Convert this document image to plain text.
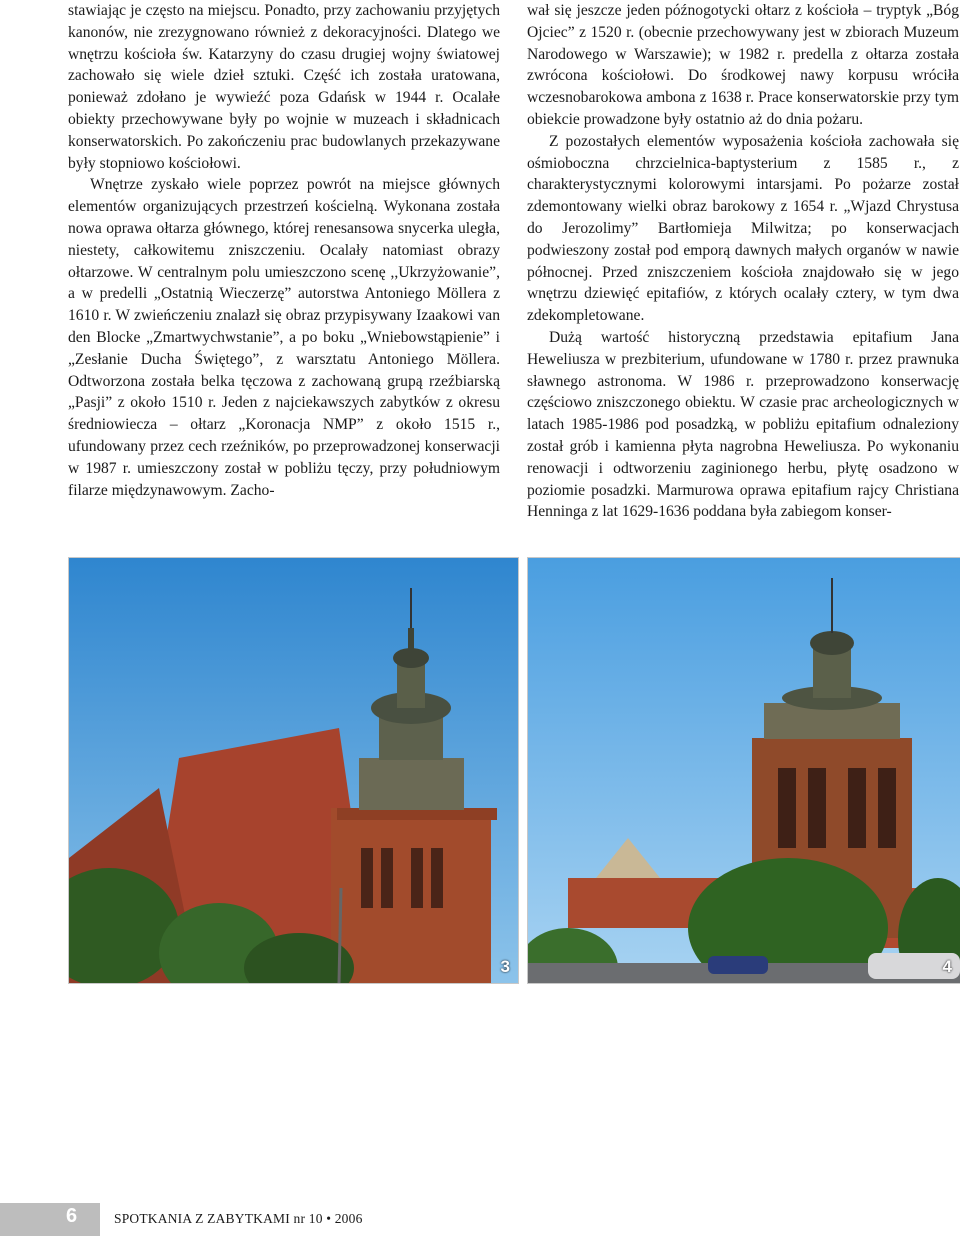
stawiając je często na miejscu. Ponadto, przy zachowaniu przyjętych kanonów, nie zrezygnowano również z dekoracyjności. Dlatego we wnętrzu kościoła św. Katarzyny do czasu drugiej wojny światowej zachowało się wiele dzieł sztuki. Część ich została uratowana, ponieważ zdołano je wywieźć poza Gdańsk w 1944 r. Ocalałe obiekty przechowywane były po wojnie w muzeach i składnicach konserwatorskich. Po zakończeniu prac budowlanych przekazywane były stopniowo kościołowi.

Wnętrze zyskało wiele poprzez powrót na miejsce głównych elementów organizujących przestrzeń kościelną. Wykonana została nowa oprawa ołtarza głównego, której renesansowa snycerka uległa, niestety, całkowitemu zniszczeniu. Ocalały natomiast obrazy ołtarzowe. W centralnym polu umieszczono scenę ,,Ukrzyżowanie”, a w predelli „Ostatnią Wieczerzę” autorstwa Antoniego Möllera z 1610 r. W zwieńczeniu znalazł się obraz przypisywany Izaakowi van den Blocke „Zmartwychwstanie”, a po boku „Wniebowstąpienie” i „Zesłanie Ducha Świętego”, z warsztatu Antoniego Möllera. Odtworzona została belka tęczowa z zachowaną grupą rzeźbiarską „Pasji” z około 1510 r. Jeden z najciekawszych zabytków z okresu średniowiecza – ołtarz „Koronacja NMP” z około 1515 r., ufundowany przez cech rzeźników, po przeprowadzonej konserwacji w 1987 r. umieszczony został w pobliżu tęczy, przy południowym filarze międzynawowym. Zacho-

wał się jeszcze jeden późnogotycki ołtarz z kościoła – tryptyk „Bóg Ojciec” z 1520 r. (obecnie przechowywany jest w zbiorach Muzeum Narodowego w Warszawie); w 1982 r. predella z ołtarza została zwrócona kościołowi. Do środkowej nawy korpusu wróciła wczesnobarokowa ambona z 1638 r. Prace konserwatorskie przy tym obiekcie prowadzone były ostatnio aż do dnia pożaru.

Z pozostałych elementów wyposażenia kościoła zachowała się ośmioboczna chrzcielnica-baptysterium z 1585 r., z charakterystycznymi kolorowymi intarsjami. Po pożarze został zdemontowany wielki obraz barokowy z 1654 r. „Wjazd Chrystusa do Jerozolimy” Bartłomieja Milwitza; po konserwacjach podwieszony został pod emporą dawnych małych organów w nawie północnej. Przed zniszczeniem kościoła znajdowało się w jego wnętrzu dziewięć epitafiów, z których ocalały cztery, w tym dwa zdekompletowane.

Dużą wartość historyczną przedstawia epitafium Jana Heweliusza w prezbiterium, ufundowane w 1780 r. przez prawnuka sławnego astronoma. W 1986 r. przeprowadzono konserwację częściowo zniszczonego obiektu. W czasie prac archeologicznych w latach 1985-1986 pod posadzką, w pobliżu epitafium odnaleziony został grób i kamienna płyta nagrobna Heweliusza. Po wykonaniu renowacji i odtworzeniu zaginionego herbu, płytę osadzono w poziomie posadzki. Marmurowa oprawa epitafium rajcy Christiana Henninga z lat 1629-1636 poddana była zabiegom konser-

3	4
6	SPOTKANIA Z ZABYTKAMI nr 10 • 2006
